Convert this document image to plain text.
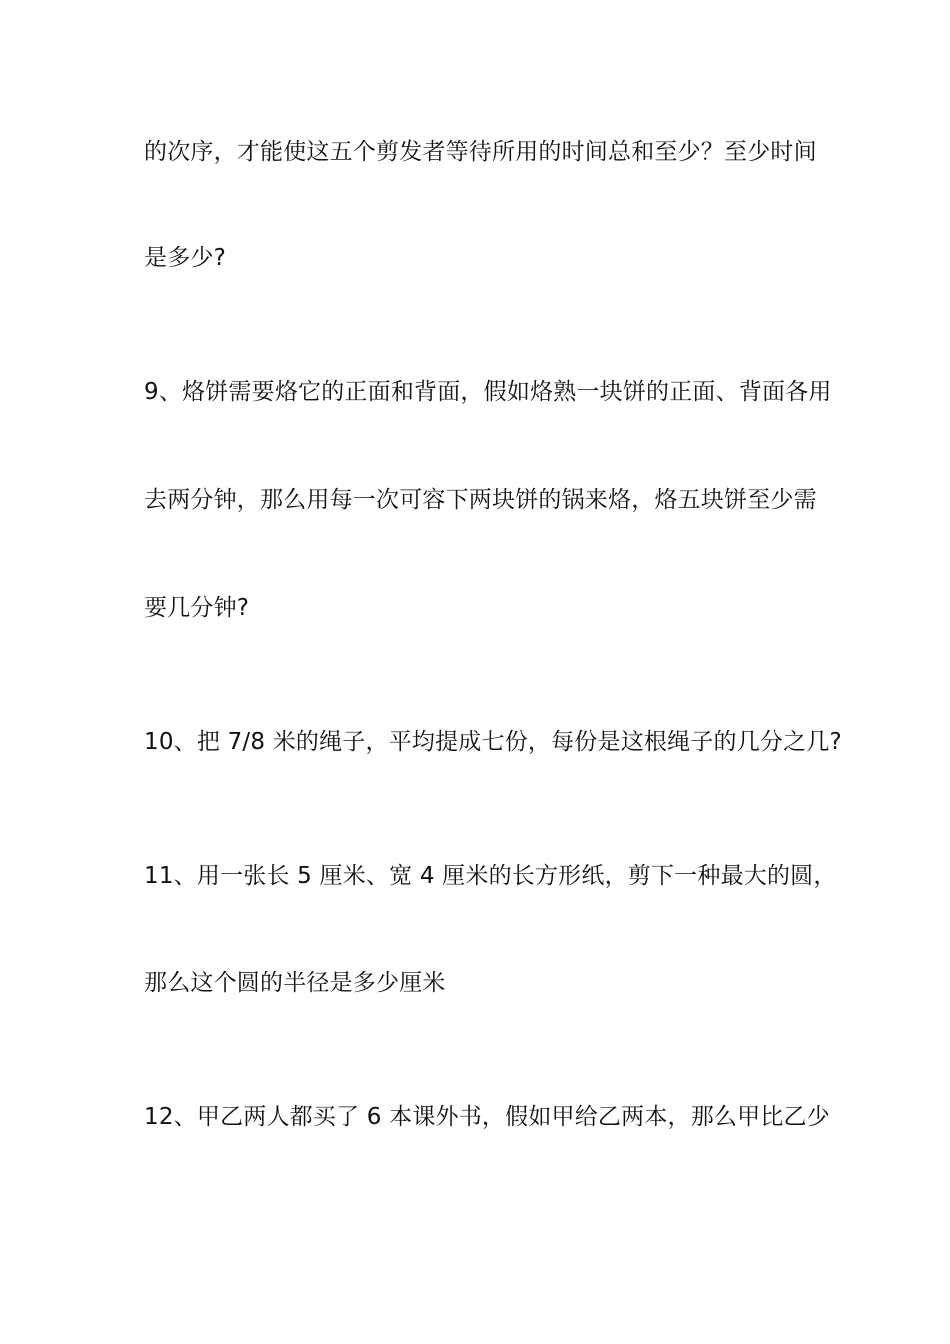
的次序，才能使这五个剪发者等待所用的时间总和至少？至少时间
是多少?
9、烙饼需要烙它的正面和背面，假如烙熟一块饼的正面、背面各用
去两分钟，那么用每一次可容下两块饼的锅来烙，烙五块饼至少需
要几分钟?
10、把 7/8 米的绳子，平均提成七份，每份是这根绳子的几分之几?
11、用一张长 5 厘米、宽 4 厘米的长方形纸，剪下一种最大的圆，
那么这个圆的半径是多少厘米
12、甲乙两人都买了 6 本课外书，假如甲给乙两本，那么甲比乙少
